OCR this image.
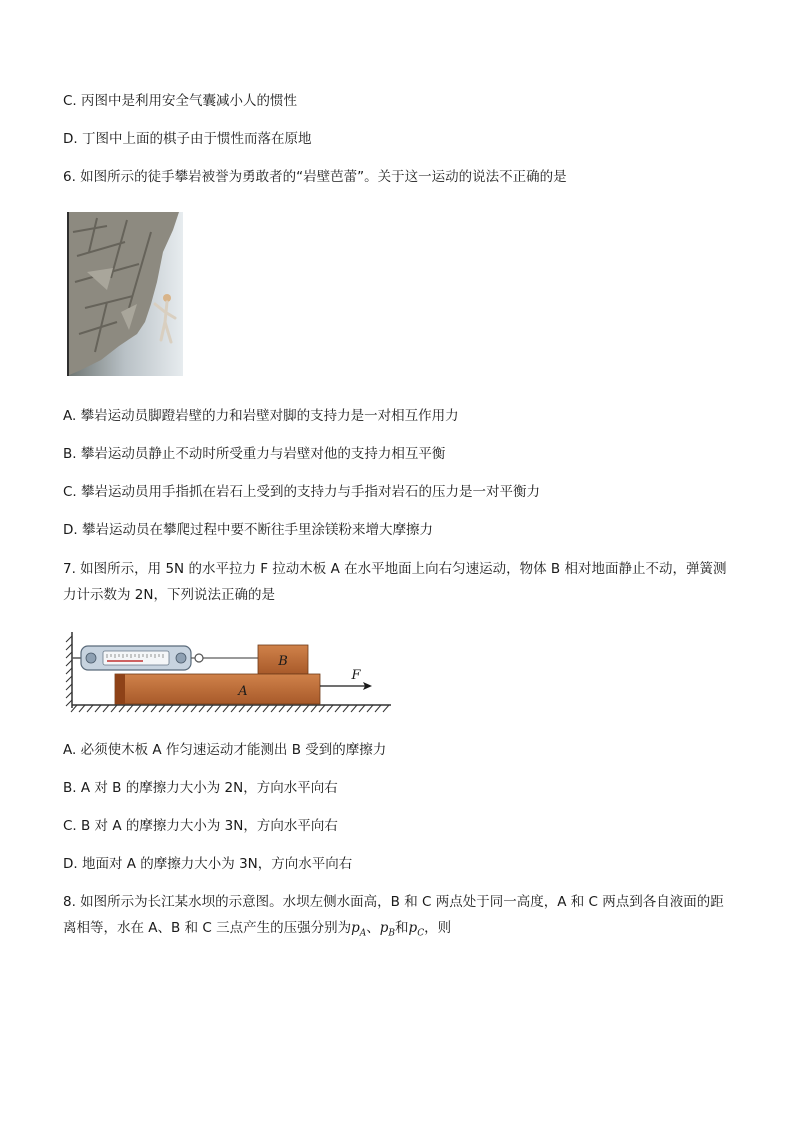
C. 丙图中是利用安全气囊减小人的惯性
D. 丁图中上面的棋子由于惯性而落在原地
6. 如图所示的徒手攀岩被誉为勇敢者的“岩壁芭蕾”。关于这一运动的说法不正确的是
A. 攀岩运动员脚蹬岩壁的力和岩壁对脚的支持力是一对相互作用力
B. 攀岩运动员静止不动时所受重力与岩壁对他的支持力相互平衡
C. 攀岩运动员用手指抓在岩石上受到的支持力与手指对岩石的压力是一对平衡力
D. 攀岩运动员在攀爬过程中要不断往手里涂镁粉来增大摩擦力
7. 如图所示，用 5N 的水平拉力 F 拉动木板 A 在水平地面上向右匀速运动，物体 B 相对地面静止不动，弹簧测力计示数为 2N，下列说法正确的是
B
A
F
A. 必须使木板 A 作匀速运动才能测出 B 受到的摩擦力
B. A 对 B 的摩擦力大小为 2N，方向水平向右
C. B 对 A 的摩擦力大小为 3N，方向水平向右
D. 地面对 A 的摩擦力大小为 3N，方向水平向右
8. 如图所示为长江某水坝的示意图。水坝左侧水面高，B 和 C 两点处于同一高度，A 和 C 两点到各自液面的距离相等，水在 A、B 和 C 三点产生的压强分别为$p_A$、$p_B$和$p_C$，则
